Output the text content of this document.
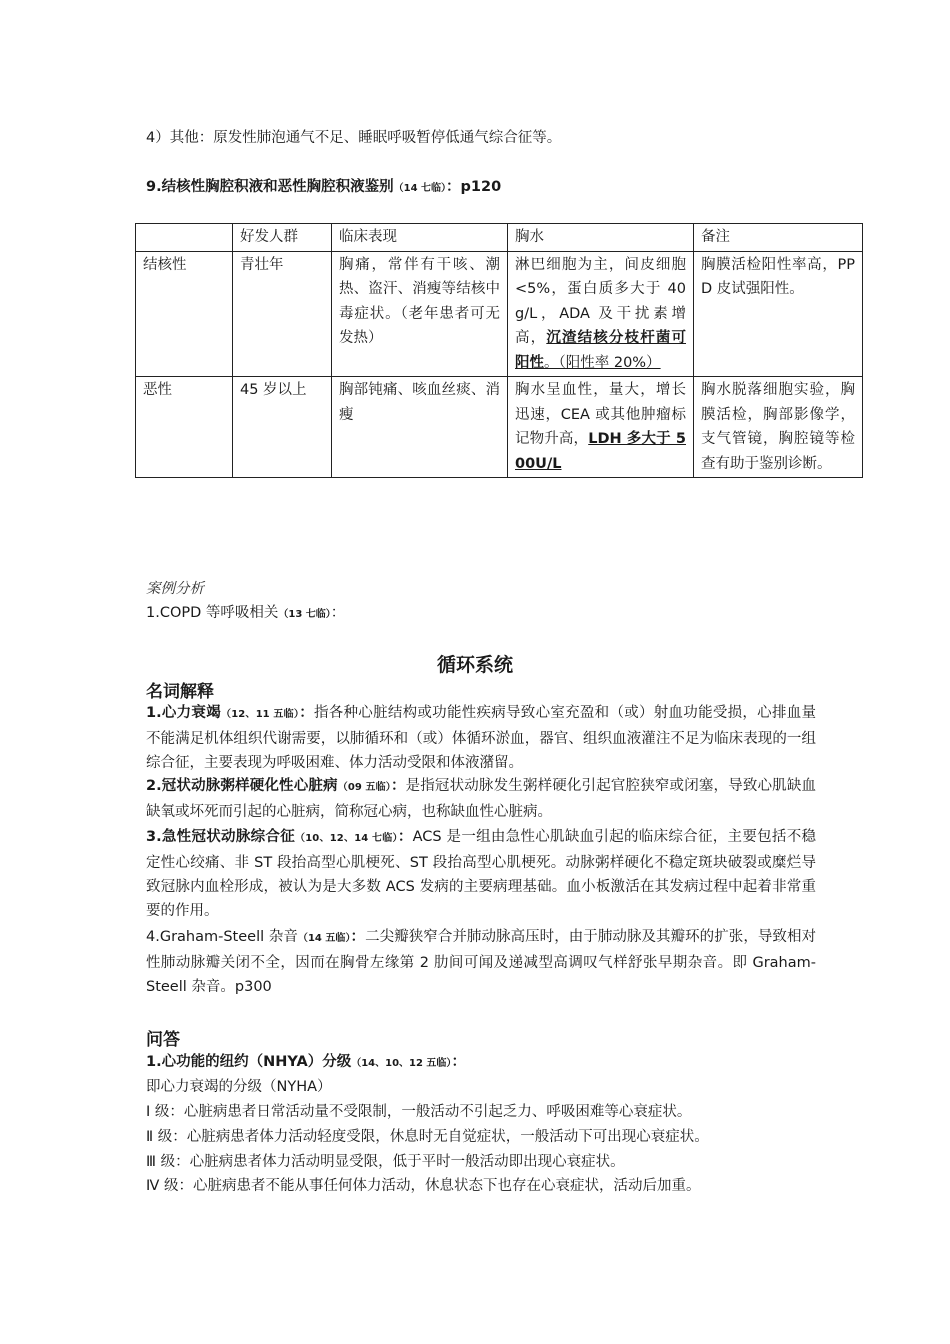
4）其他：原发性肺泡通气不足、睡眠呼吸暂停低通气综合征等。
9.结核性胸腔积液和恶性胸腔积液鉴别（14 七临）：p120
	好发人群	临床表现	胸水	备注
结核性	青壮年	胸痛，常伴有干咳、潮热、盗汗、消瘦等结核中毒症状。（老年患者可无发热）	淋巴细胞为主，间皮细胞<5%，蛋白质多大于 40g/L，ADA 及干扰素增高，沉渣结核分枝杆菌可阳性。（阳性率 20%）	胸膜活检阳性率高，PPD 皮试强阳性。
恶性	45 岁以上	胸部钝痛、咳血丝痰、消瘦	胸水呈血性，量大，增长迅速，CEA 或其他肿瘤标记物升高，LDH 多大于 500U/L	胸水脱落细胞实验，胸膜活检，胸部影像学，支气管镜，胸腔镜等检查有助于鉴别诊断。
案例分析
1.COPD 等呼吸相关（13 七临）：
循环系统
名词解释
1.心力衰竭（12、11 五临）：指各种心脏结构或功能性疾病导致心室充盈和（或）射血功能受损，心排血量不能满足机体组织代谢需要，以肺循环和（或）体循环淤血，器官、组织血液灌注不足为临床表现的一组综合征，主要表现为呼吸困难、体力活动受限和体液潴留。
2.冠状动脉粥样硬化性心脏病（09 五临）：是指冠状动脉发生粥样硬化引起官腔狭窄或闭塞，导致心肌缺血缺氧或坏死而引起的心脏病，简称冠心病，也称缺血性心脏病。
3.急性冠状动脉综合征（10、12、14 七临）：ACS 是一组由急性心肌缺血引起的临床综合征，主要包括不稳定性心绞痛、非 ST 段抬高型心肌梗死、ST 段抬高型心肌梗死。动脉粥样硬化不稳定斑块破裂或糜烂导致冠脉内血栓形成，被认为是大多数 ACS 发病的主要病理基础。血小板激活在其发病过程中起着非常重要的作用。
4.Graham-Steell 杂音（14 五临）：二尖瓣狭窄合并肺动脉高压时，由于肺动脉及其瓣环的扩张，导致相对性肺动脉瓣关闭不全，因而在胸骨左缘第 2 肋间可闻及递减型高调叹气样舒张早期杂音。即 Graham-Steell 杂音。p300
问答
1.心功能的纽约（NHYA）分级（14、10、12 五临）：
即心力衰竭的分级（NYHA）
Ⅰ 级：心脏病患者日常活动量不受限制，一般活动不引起乏力、呼吸困难等心衰症状。
Ⅱ 级：心脏病患者体力活动轻度受限，休息时无自觉症状，一般活动下可出现心衰症状。
Ⅲ 级：心脏病患者体力活动明显受限，低于平时一般活动即出现心衰症状。
Ⅳ 级：心脏病患者不能从事任何体力活动，休息状态下也存在心衰症状，活动后加重。
